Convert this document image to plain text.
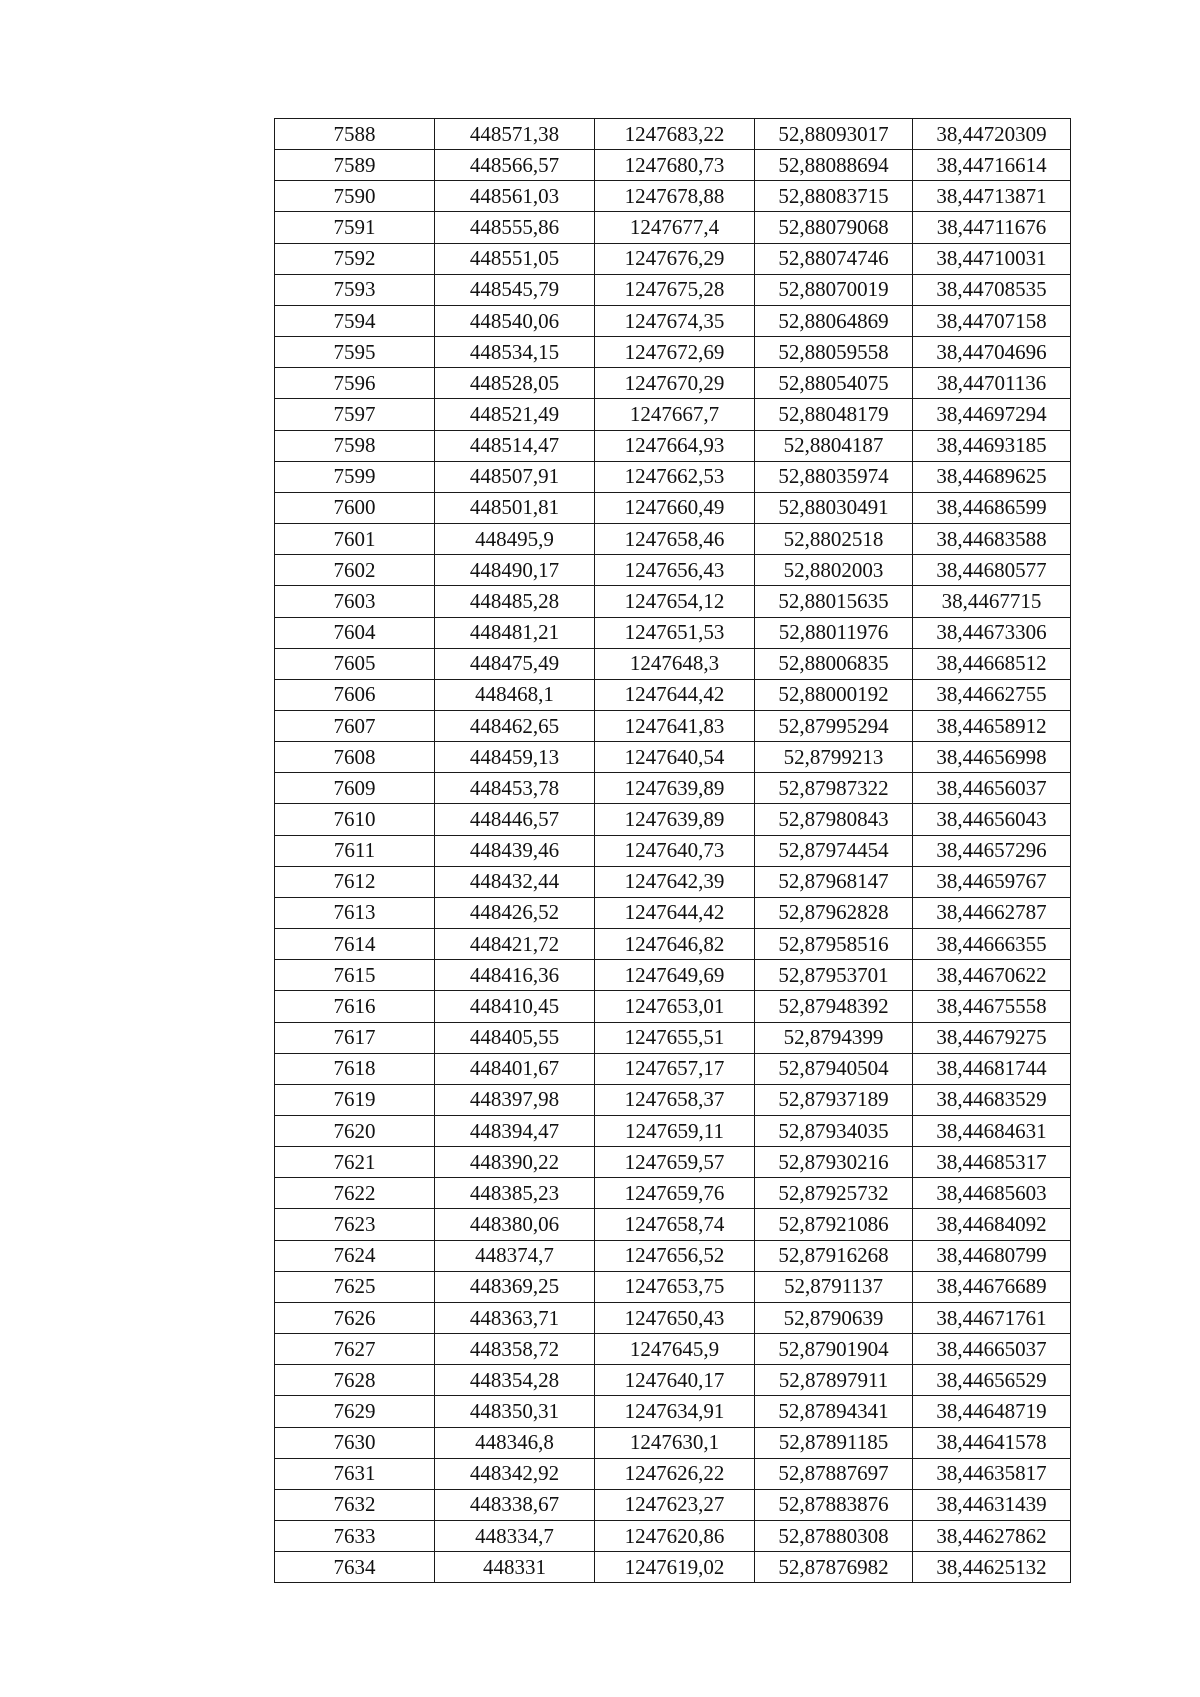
7588	448571,38	1247683,22	52,88093017	38,44720309
7589	448566,57	1247680,73	52,88088694	38,44716614
7590	448561,03	1247678,88	52,88083715	38,44713871
7591	448555,86	1247677,4	52,88079068	38,44711676
7592	448551,05	1247676,29	52,88074746	38,44710031
7593	448545,79	1247675,28	52,88070019	38,44708535
7594	448540,06	1247674,35	52,88064869	38,44707158
7595	448534,15	1247672,69	52,88059558	38,44704696
7596	448528,05	1247670,29	52,88054075	38,44701136
7597	448521,49	1247667,7	52,88048179	38,44697294
7598	448514,47	1247664,93	52,8804187	38,44693185
7599	448507,91	1247662,53	52,88035974	38,44689625
7600	448501,81	1247660,49	52,88030491	38,44686599
7601	448495,9	1247658,46	52,8802518	38,44683588
7602	448490,17	1247656,43	52,8802003	38,44680577
7603	448485,28	1247654,12	52,88015635	38,4467715
7604	448481,21	1247651,53	52,88011976	38,44673306
7605	448475,49	1247648,3	52,88006835	38,44668512
7606	448468,1	1247644,42	52,88000192	38,44662755
7607	448462,65	1247641,83	52,87995294	38,44658912
7608	448459,13	1247640,54	52,8799213	38,44656998
7609	448453,78	1247639,89	52,87987322	38,44656037
7610	448446,57	1247639,89	52,87980843	38,44656043
7611	448439,46	1247640,73	52,87974454	38,44657296
7612	448432,44	1247642,39	52,87968147	38,44659767
7613	448426,52	1247644,42	52,87962828	38,44662787
7614	448421,72	1247646,82	52,87958516	38,44666355
7615	448416,36	1247649,69	52,87953701	38,44670622
7616	448410,45	1247653,01	52,87948392	38,44675558
7617	448405,55	1247655,51	52,8794399	38,44679275
7618	448401,67	1247657,17	52,87940504	38,44681744
7619	448397,98	1247658,37	52,87937189	38,44683529
7620	448394,47	1247659,11	52,87934035	38,44684631
7621	448390,22	1247659,57	52,87930216	38,44685317
7622	448385,23	1247659,76	52,87925732	38,44685603
7623	448380,06	1247658,74	52,87921086	38,44684092
7624	448374,7	1247656,52	52,87916268	38,44680799
7625	448369,25	1247653,75	52,8791137	38,44676689
7626	448363,71	1247650,43	52,8790639	38,44671761
7627	448358,72	1247645,9	52,87901904	38,44665037
7628	448354,28	1247640,17	52,87897911	38,44656529
7629	448350,31	1247634,91	52,87894341	38,44648719
7630	448346,8	1247630,1	52,87891185	38,44641578
7631	448342,92	1247626,22	52,87887697	38,44635817
7632	448338,67	1247623,27	52,87883876	38,44631439
7633	448334,7	1247620,86	52,87880308	38,44627862
7634	448331	1247619,02	52,87876982	38,44625132
